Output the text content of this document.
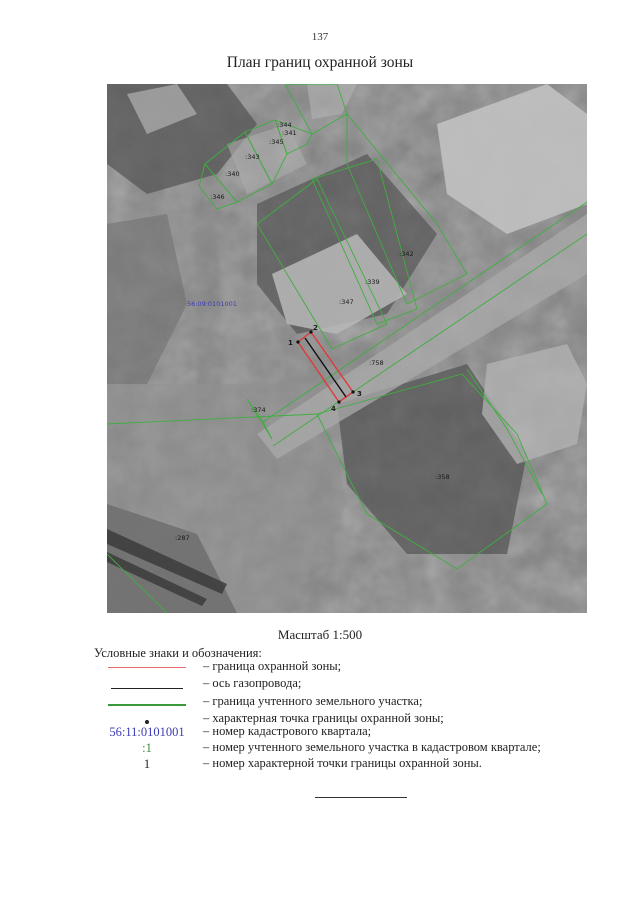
137
План границ охранной зоны
56:09:0101001
:344
:341
:345
:343
:340
:346
:342
:339
:347
:758
:374
:358
:287
1
2
3
4
Масштаб 1:500
Условные знаки и обозначения:
– граница охранной зоны;
– ось газопровода;
– граница учтенного земельного участка;
– характерная точка границы охранной зоны;
56:11:0101001 – номер кадастрового квартала;
:1	– номер учтенного земельного участка в кадастровом квартале;
1	– номер характерной точки границы охранной зоны.
